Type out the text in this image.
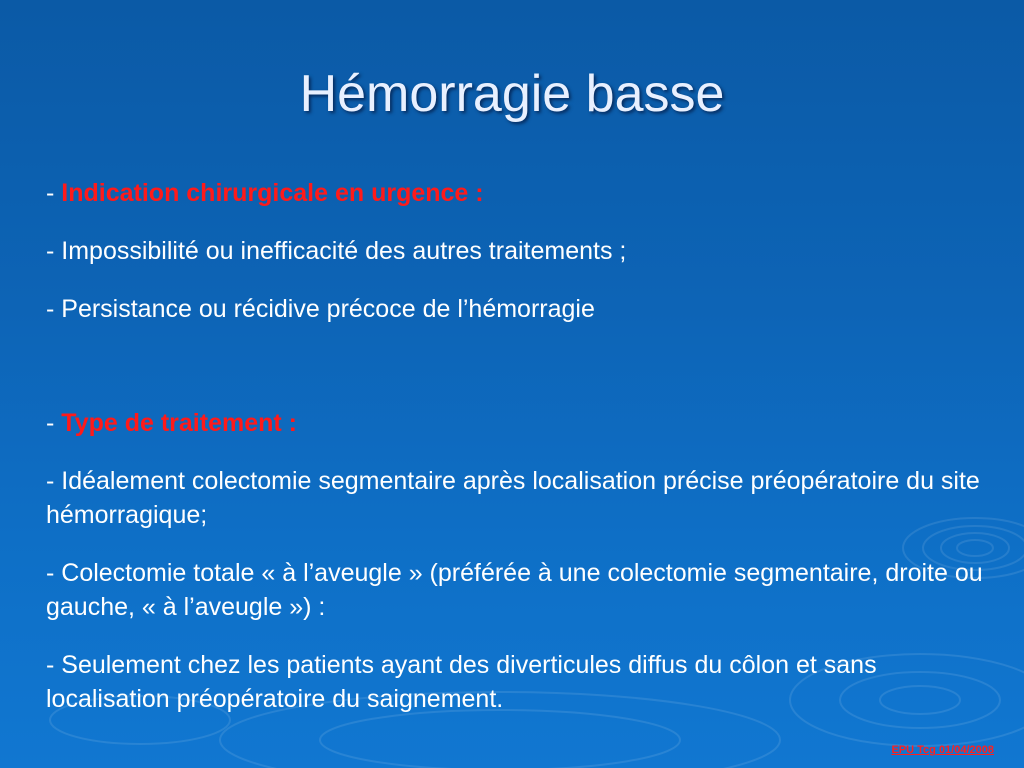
Hémorragie basse
- Indication chirurgicale en urgence :
- Impossibilité ou inefficacité des autres traitements ;
- Persistance ou récidive précoce de l’hémorragie
- Type de traitement :
- Idéalement colectomie segmentaire après localisation précise préopératoire du site hémorragique;
- Colectomie totale « à l’aveugle » (préférée à une colectomie segmentaire, droite ou gauche, « à l’aveugle ») :
- Seulement chez les patients ayant des diverticules diffus du côlon et sans localisation préopératoire du saignement.
EPU Tcg 01/04/2008
